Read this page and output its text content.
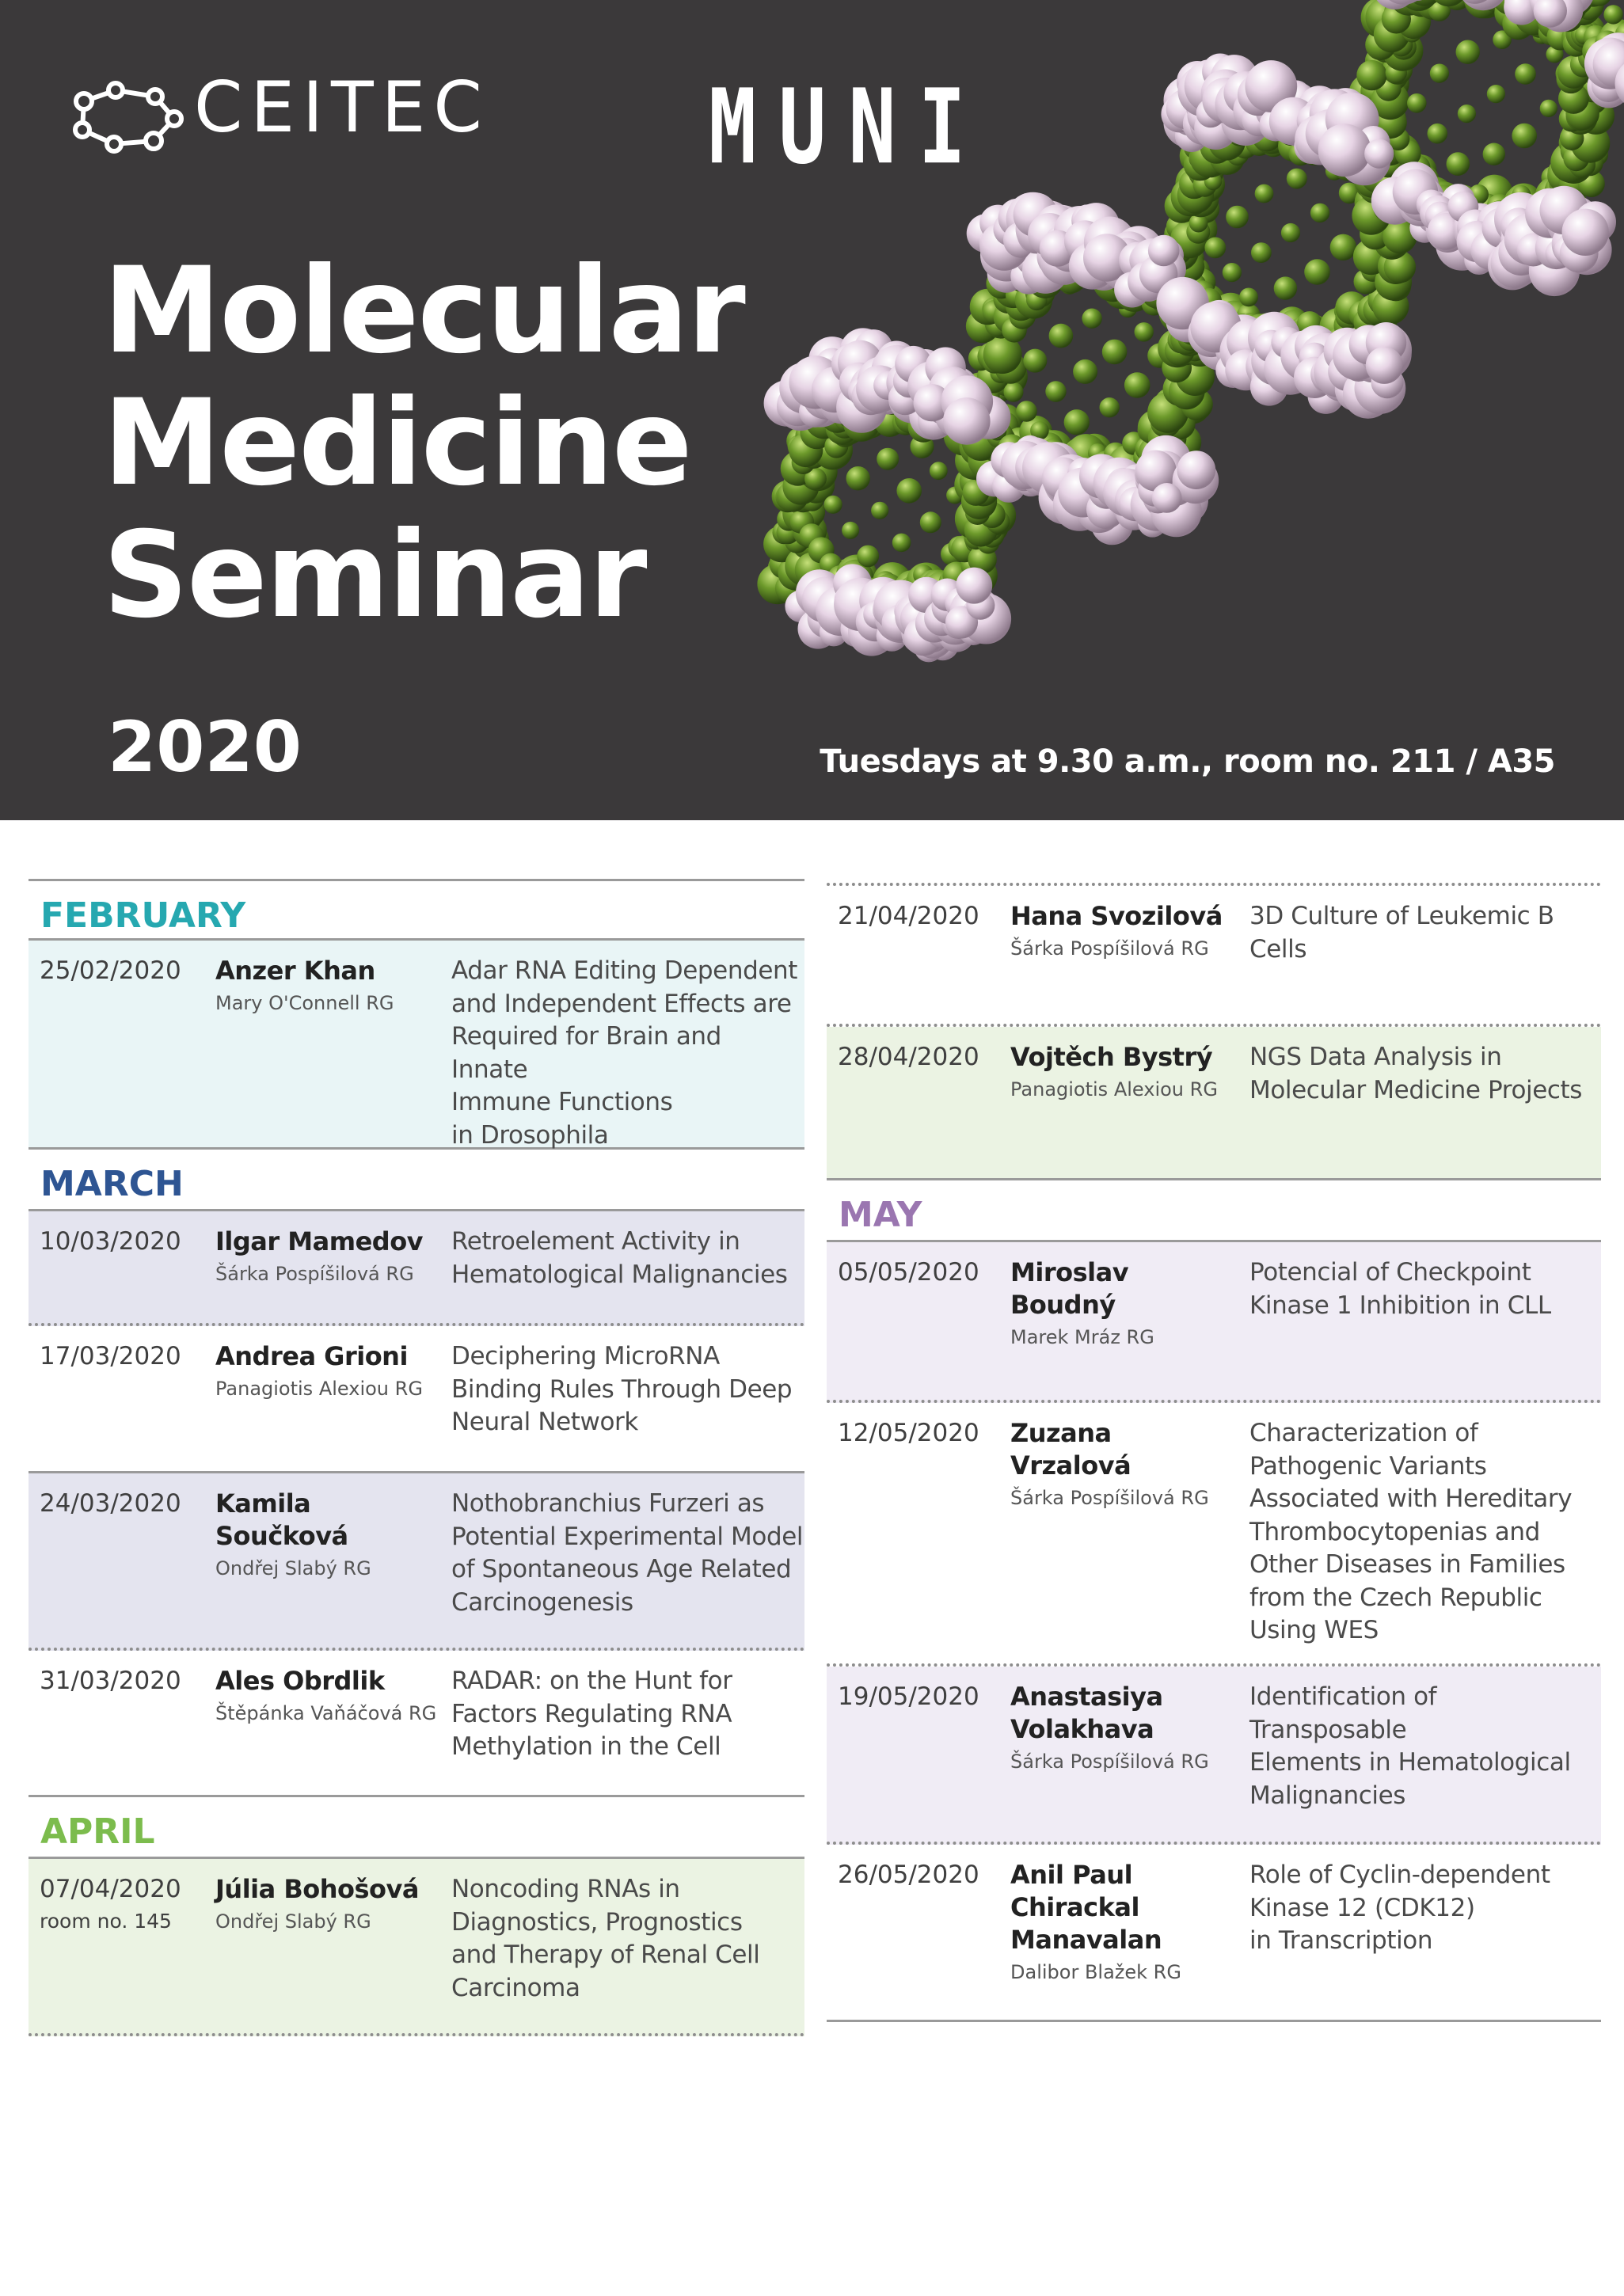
CEITEC	MUNI
Molecular
Medicine
Seminar
2020	Tuesdays at 9.30 a.m., room no. 211 / A35
FEBRUARY
25/02/2020 Anzer Khan
Mary O'Connell RG
Adar RNA Editing Dependent
and Independent Effects are
Required for Brain and Innate
Immune Functions
in Drosophila
MARCH
10/03/2020 Ilgar Mamedov
Šárka Pospíšilová RG
Retroelement Activity in
Hematological Malignancies
17/03/2020 Andrea Grioni
Panagiotis Alexiou RG
Deciphering MicroRNA
Binding Rules Through Deep
Neural Network
24/03/2020 Kamila Součková
Ondřej Slabý RG
Nothobranchius Furzeri as
Potential Experimental Model
of Spontaneous Age Related
Carcinogenesis
31/03/2020 Ales Obrdlik
Štěpánka Vaňáčová RG
RADAR: on the Hunt for
Factors Regulating RNA
Methylation in the Cell
APRIL
07/04/2020
room no. 145
Júlia Bohošová
Ondřej Slabý RG
Noncoding RNAs in
Diagnostics, Prognostics
and Therapy of Renal Cell
Carcinoma
21/04/2020 Hana Svozilová
Šárka Pospíšilová RG
3D Culture of Leukemic B
Cells
28/04/2020 Vojtěch Bystrý
Panagiotis Alexiou RG
NGS Data Analysis in
Molecular Medicine Projects
MAY
05/05/2020 Miroslav Boudný
Marek Mráz RG
Potencial of Checkpoint
Kinase 1 Inhibition in CLL
12/05/2020 Zuzana Vrzalová
Šárka Pospíšilová RG
Characterization of
Pathogenic Variants
Associated with Hereditary
Thrombocytopenias and
Other Diseases in Families
from the Czech Republic
Using WES
19/05/2020 Anastasiya
Volakhava
Šárka Pospíšilová RG
Identification of Transposable
Elements in Hematological
Malignancies
26/05/2020 Anil Paul
Chirackal
Manavalan
Dalibor Blažek RG
Role of Cyclin-dependent
Kinase 12 (CDK12)
in Transcription
